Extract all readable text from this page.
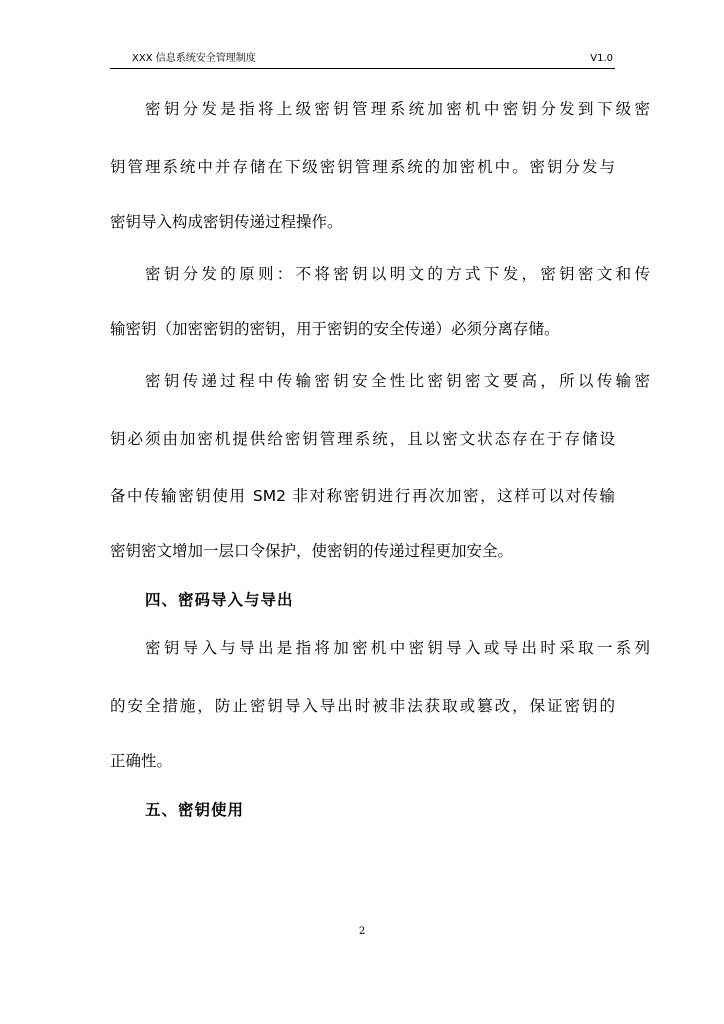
XXX 信息系统安全管理制度	V1.0
密钥分发是指将上级密钥管理系统加密机中密钥分发到下级密
钥管理系统中并存储在下级密钥管理系统的加密机中。密钥分发与
密钥导入构成密钥传递过程操作。
密钥分发的原则：不将密钥以明文的方式下发，密钥密文和传
输密钥（加密密钥的密钥，用于密钥的安全传递）必须分离存储。
密钥传递过程中传输密钥安全性比密钥密文要高，所以传输密
钥必须由加密机提供给密钥管理系统，且以密文状态存在于存储设
备中传输密钥使用 SM2 非对称密钥进行再次加密，这样可以对传输
密钥密文增加一层口令保护，使密钥的传递过程更加安全。
四、密码导入与导出
密钥导入与导出是指将加密机中密钥导入或导出时采取一系列
的安全措施，防止密钥导入导出时被非法获取或篡改，保证密钥的
正确性。
五、密钥使用
2
